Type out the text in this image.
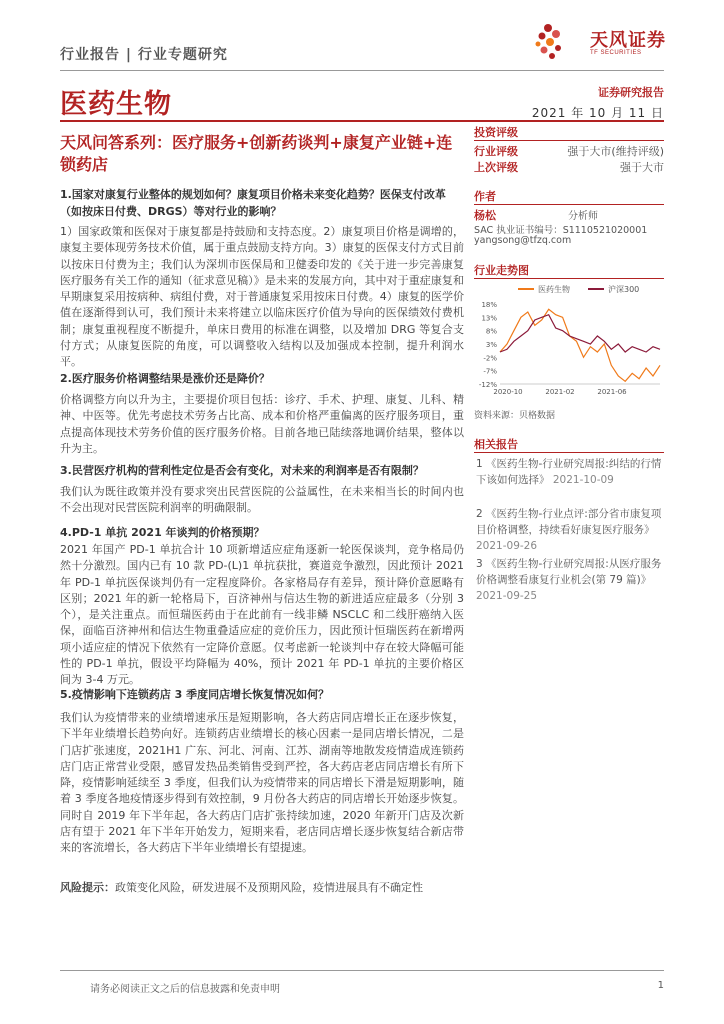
行业报告 | 行业专题研究
天风证券
TF SECURITIES
医药生物	证券研究报告
2021 年 10 月 11 日
天风问答系列：医疗服务+创新药谈判+康复产业链+连锁药店
1.国家对康复行业整体的规划如何？康复项目价格未来变化趋势？医保支付改革（如按床日付费、DRGS）等对行业的影响？
1）国家政策和医保对于康复都是持鼓励和支持态度。2）康复项目价格是调增的，康复主要体现劳务技术价值，属于重点鼓励支持方向。3）康复的医保支付方式目前以按床日付费为主；我们认为深圳市医保局和卫健委印发的《关于进一步完善康复医疗服务有关工作的通知（征求意见稿）》是未来的发展方向，其中对于重症康复和早期康复采用按病种、病组付费，对于普通康复采用按床日付费。4）康复的医学价值在逐渐得到认可，我们预计未来将建立以临床医疗价值为导向的医保绩效付费机制；康复重视程度不断提升，单床日费用的标准在调整，以及增加 DRG 等复合支付方式；从康复医院的角度，可以调整收入结构以及加强成本控制，提升利润水平。
2.医疗服务价格调整结果是涨价还是降价？
价格调整方向以升为主，主要提价项目包括：诊疗、手术、护理、康复、儿科、精神、中医等。优先考虑技术劳务占比高、成本和价格严重偏离的医疗服务项目，重点提高体现技术劳务价值的医疗服务价格。目前各地已陆续落地调价结果，整体以升为主。
3.民营医疗机构的营利性定位是否会有变化，对未来的利润率是否有限制？
我们认为既往政策并没有要求突出民营医院的公益属性，在未来相当长的时间内也不会出现对民营医院利润率的明确限制。
4.PD-1 单抗 2021 年谈判的价格预期？
2021 年国产 PD-1 单抗合计 10 项新增适应症角逐新一轮医保谈判，竞争格局仍然十分激烈。国内已有 10 款 PD-(L)1 单抗获批，赛道竞争激烈，因此预计 2021 年 PD-1 单抗医保谈判仍有一定程度降价。各家格局存有差异，预计降价意愿略有区别；2021 年的新一轮格局下，百济神州与信达生物的新进适应症最多（分别 3 个），是关注重点。而恒瑞医药由于在此前有一线非鳞 NSCLC 和二线肝癌纳入医保，面临百济神州和信达生物重叠适应症的竞价压力，因此预计恒瑞医药在新增两项小适应症的情况下依然有一定降价意愿。仅考虑新一轮谈判中存在较大降幅可能性的 PD-1 单抗，假设平均降幅为 40%，预计 2021 年 PD-1 单抗的主要价格区间为 3-4 万元。
5.疫情影响下连锁药店 3 季度同店增长恢复情况如何？
我们认为疫情带来的业绩增速承压是短期影响，各大药店同店增长正在逐步恢复，下半年业绩增长趋势向好。连锁药店业绩增长的核心因素一是同店增长情况，二是门店扩张速度，2021H1 广东、河北、河南、江苏、湖南等地散发疫情造成连锁药店门店正常营业受限，感冒发热品类销售受到严控，各大药店老店同店增长有所下降，疫情影响延续至 3 季度，但我们认为疫情带来的同店增长下滑是短期影响，随着 3 季度各地疫情逐步得到有效控制，9 月份各大药店的同店增长开始逐步恢复。同时自 2019 年下半年起，各大药店门店扩张持续加速，2020 年新开门店及次新店有望于 2021 年下半年开始发力，短期来看，老店同店增长逐步恢复结合新店带来的客流增长，各大药店下半年业绩增长有望提速。
风险提示：政策变化风险，研发进展不及预期风险，疫情进展具有不确定性
投资评级
行业评级	强于大市(维持评级)
上次评级	强于大市
作者
杨松	分析师
SAC 执业证书编号：S1110521020001
yangsong@tfzq.com
行业走势图
医药生物	沪深300
18%
13%
8%
3%
-2%
-7%
-12%
2020-10	2021-02	2021-06
资料来源：贝格数据
相关报告
1 《医药生物-行业研究周报:纠结的行情下该如何选择》 2021-10-09
2 《医药生物-行业点评:部分省市康复项目价格调整，持续看好康复医疗服务》 2021-09-26
3 《医药生物-行业研究周报:从医疗服务价格调整看康复行业机会(第 79 篇)》 2021-09-25
请务必阅读正文之后的信息披露和免责申明	1
